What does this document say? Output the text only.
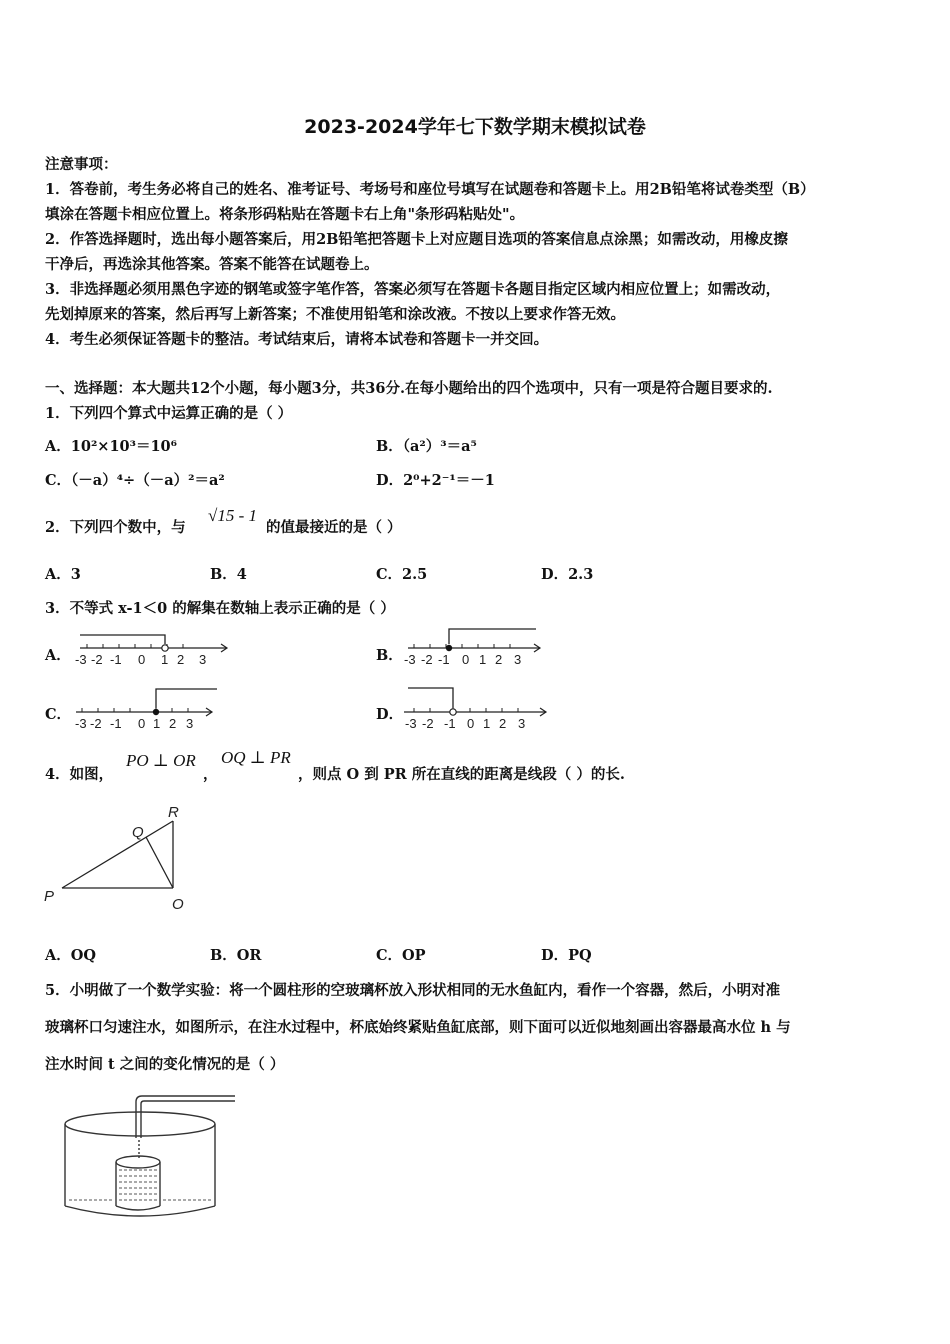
2023-2024学年七下数学期末模拟试卷
注意事项：
1．答卷前，考生务必将自己的姓名、准考证号、考场号和座位号填写在试题卷和答题卡上。用2B铅笔将试卷类型（B）
填涂在答题卡相应位置上。将条形码粘贴在答题卡右上角"条形码粘贴处"。
2．作答选择题时，选出每小题答案后，用2B铅笔把答题卡上对应题目选项的答案信息点涂黑；如需改动，用橡皮擦
干净后，再选涂其他答案。答案不能答在试题卷上。
3．非选择题必须用黑色字迹的钢笔或签字笔作答，答案必须写在答题卡各题目指定区域内相应位置上；如需改动，
先划掉原来的答案，然后再写上新答案；不准使用铅笔和涂改液。不按以上要求作答无效。
4．考生必须保证答题卡的整洁。考试结束后，请将本试卷和答题卡一并交回。
一、选择题：本大题共12个小题，每小题3分，共36分.在每小题给出的四个选项中，只有一项是符合题目要求的.
1．下列四个算式中运算正确的是（ ）
A．10²×10³＝10⁶	B．（a²）³＝a⁵
C．（－a）⁴÷（－a）²＝a²	D．2⁰+2⁻¹＝－1
2．下列四个数中，与
√15 - 1
的值最接近的是（ ）
A．3	B．4	C．2.5	D．2.3
3．不等式 x-1＜0 的解集在数轴上表示正确的是（ ）
A．	B．
C．	D．
-3 -2 -1 0 1 2 3	-3 -2 -1 0 1 2 3
-3 -2 -1 0 1 2 3	-3 -2 -1 0 1 2 3
4．如图，
PO ⊥ OR
，
OQ ⊥ PR
，则点 O 到 PR 所在直线的距离是线段（ ）的长.
P
Q
R
O
A．OQ	B．OR	C．OP	D．PQ
5．小明做了一个数学实验：将一个圆柱形的空玻璃杯放入形状相同的无水鱼缸内，看作一个容器，然后，小明对准
玻璃杯口匀速注水，如图所示，在注水过程中，杯底始终紧贴鱼缸底部，则下面可以近似地刻画出容器最高水位 h 与
注水时间 t 之间的变化情况的是（ ）
